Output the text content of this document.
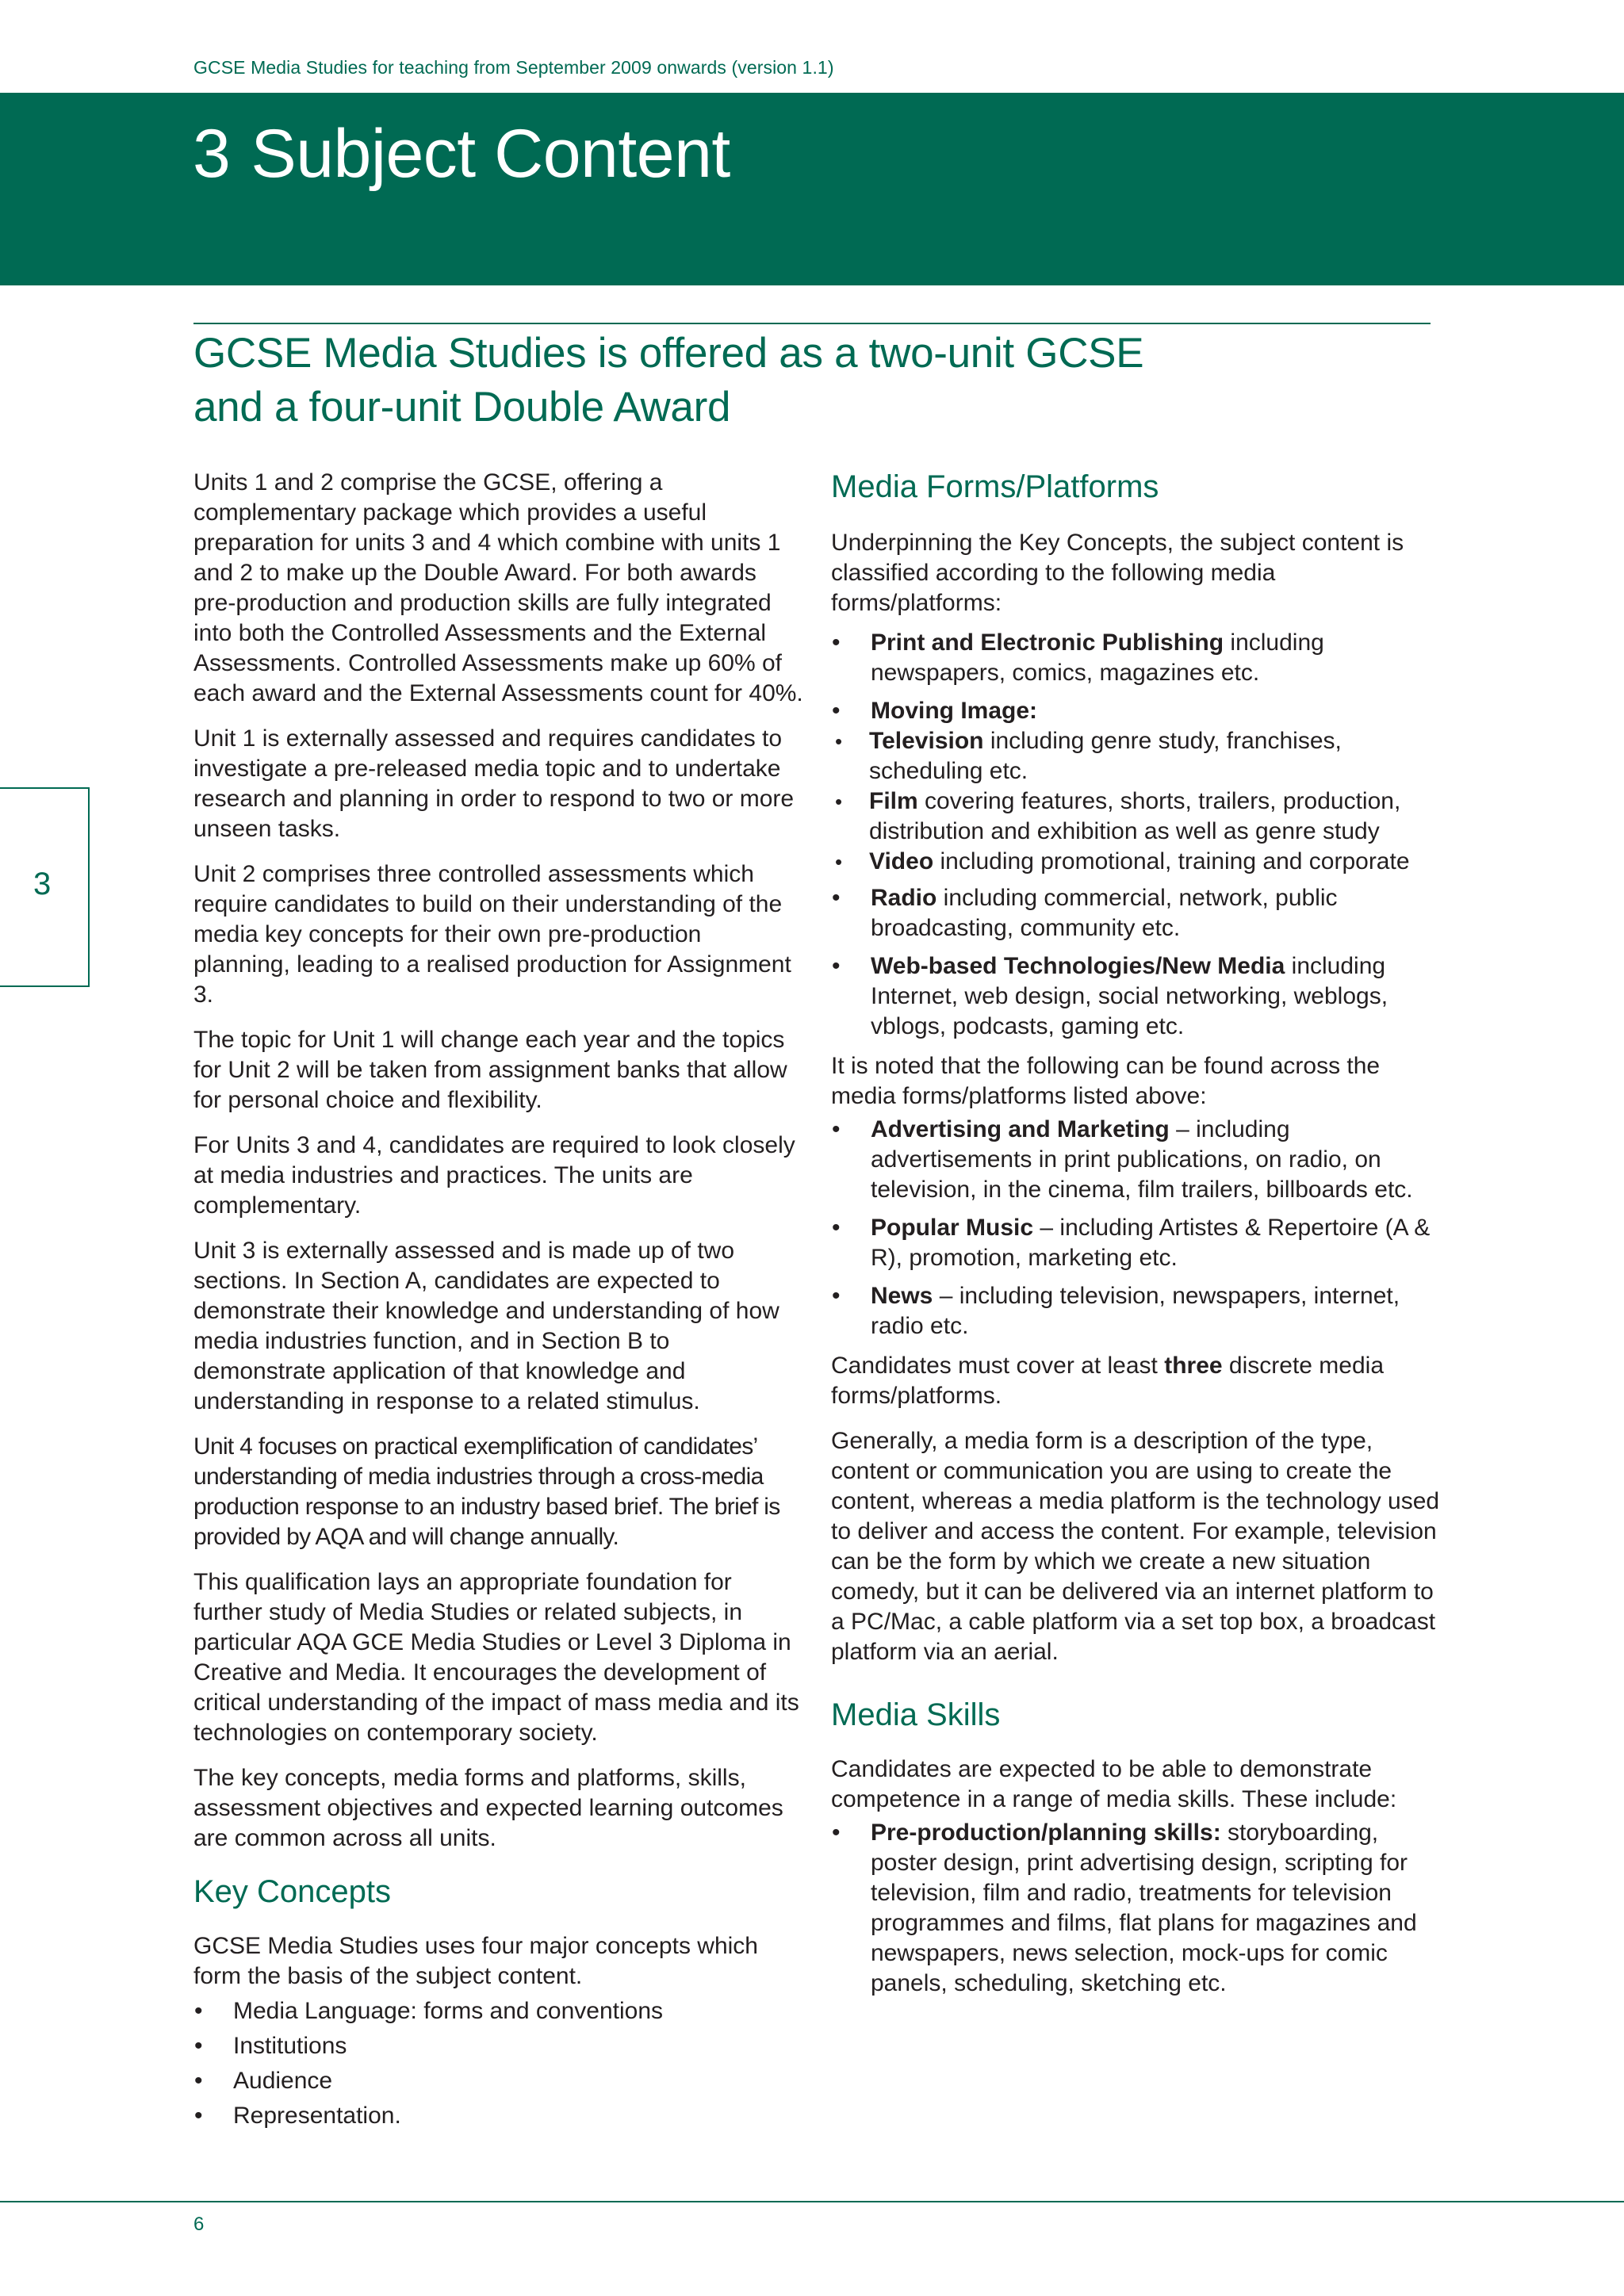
GCSE Media Studies for teaching from September 2009 onwards (version 1.1)
3 Subject Content
GCSE Media Studies is offered as a two-unit GCSE
and a four-unit Double Award
3

Units 1 and 2 comprise the GCSE, offering a complementary package which provides a useful preparation for units 3 and 4 which combine with units 1 and 2 to make up the Double Award. For both awards pre-production and production skills are fully integrated into both the Controlled Assessments and the External Assessments. Controlled Assessments make up 60% of each award and the External Assessments count for 40%.

Unit 1 is externally assessed and requires candidates to investigate a pre-released media topic and to undertake research and planning in order to respond to two or more unseen tasks.

Unit 2 comprises three controlled assessments which require candidates to build on their understanding of the media key concepts for their own pre-production planning, leading to a realised production for Assignment 3.

The topic for Unit 1 will change each year and the topics for Unit 2 will be taken from assignment banks that allow for personal choice and flexibility.

For Units 3 and 4, candidates are required to look closely at media industries and practices. The units are complementary.

Unit 3 is externally assessed and is made up of two sections. In Section A, candidates are expected to demonstrate their knowledge and understanding of how media industries function, and in Section B to demonstrate application of that knowledge and understanding in response to a related stimulus.

Unit 4 focuses on practical exemplification of candidates’ understanding of media industries through a cross-media production response to an industry based brief. The brief is provided by AQA and will change annually.

This qualification lays an appropriate foundation for further study of Media Studies or related subjects, in particular AQA GCE Media Studies or Level 3 Diploma in Creative and Media. It encourages the development of critical understanding of the impact of mass media and its technologies on contemporary society.

The key concepts, media forms and platforms, skills, assessment objectives and expected learning outcomes are common across all units.

Key Concepts

GCSE Media Studies uses four major concepts which form the basis of the subject content.

• Media Language: forms and conventions
• Institutions
• Audience
• Representation.
Media Forms/Platforms

Underpinning the Key Concepts, the subject content is classified according to the following media forms/platforms:

• Print and Electronic Publishing including newspapers, comics, magazines etc.
• Moving Image:
• Television including genre study, franchises, scheduling etc.
• Film covering features, shorts, trailers, production, distribution and exhibition as well as genre study
• Video including promotional, training and corporate
• Radio including commercial, network, public broadcasting, community etc.
• Web-based Technologies/New Media including Internet, web design, social networking, weblogs, vblogs, podcasts, gaming etc.

It is noted that the following can be found across the media forms/platforms listed above:

• Advertising and Marketing – including advertisements in print publications, on radio, on television, in the cinema, film trailers, billboards etc.
• Popular Music – including Artistes & Repertoire (A & R), promotion, marketing etc.
• News – including television, newspapers, internet, radio etc.

Candidates must cover at least three discrete media forms/platforms.

Generally, a media form is a description of the type, content or communication you are using to create the content, whereas a media platform is the technology used to deliver and access the content. For example, television can be the form by which we create a new situation comedy, but it can be delivered via an internet platform to a PC/Mac, a cable platform via a set top box, a broadcast platform via an aerial.

Media Skills

Candidates are expected to be able to demonstrate competence in a range of media skills. These include:

• Pre-production/planning skills: storyboarding, poster design, print advertising design, scripting for television, film and radio, treatments for television programmes and films, flat plans for magazines and newspapers, news selection, mock-ups for comic panels, scheduling, sketching etc.
6
